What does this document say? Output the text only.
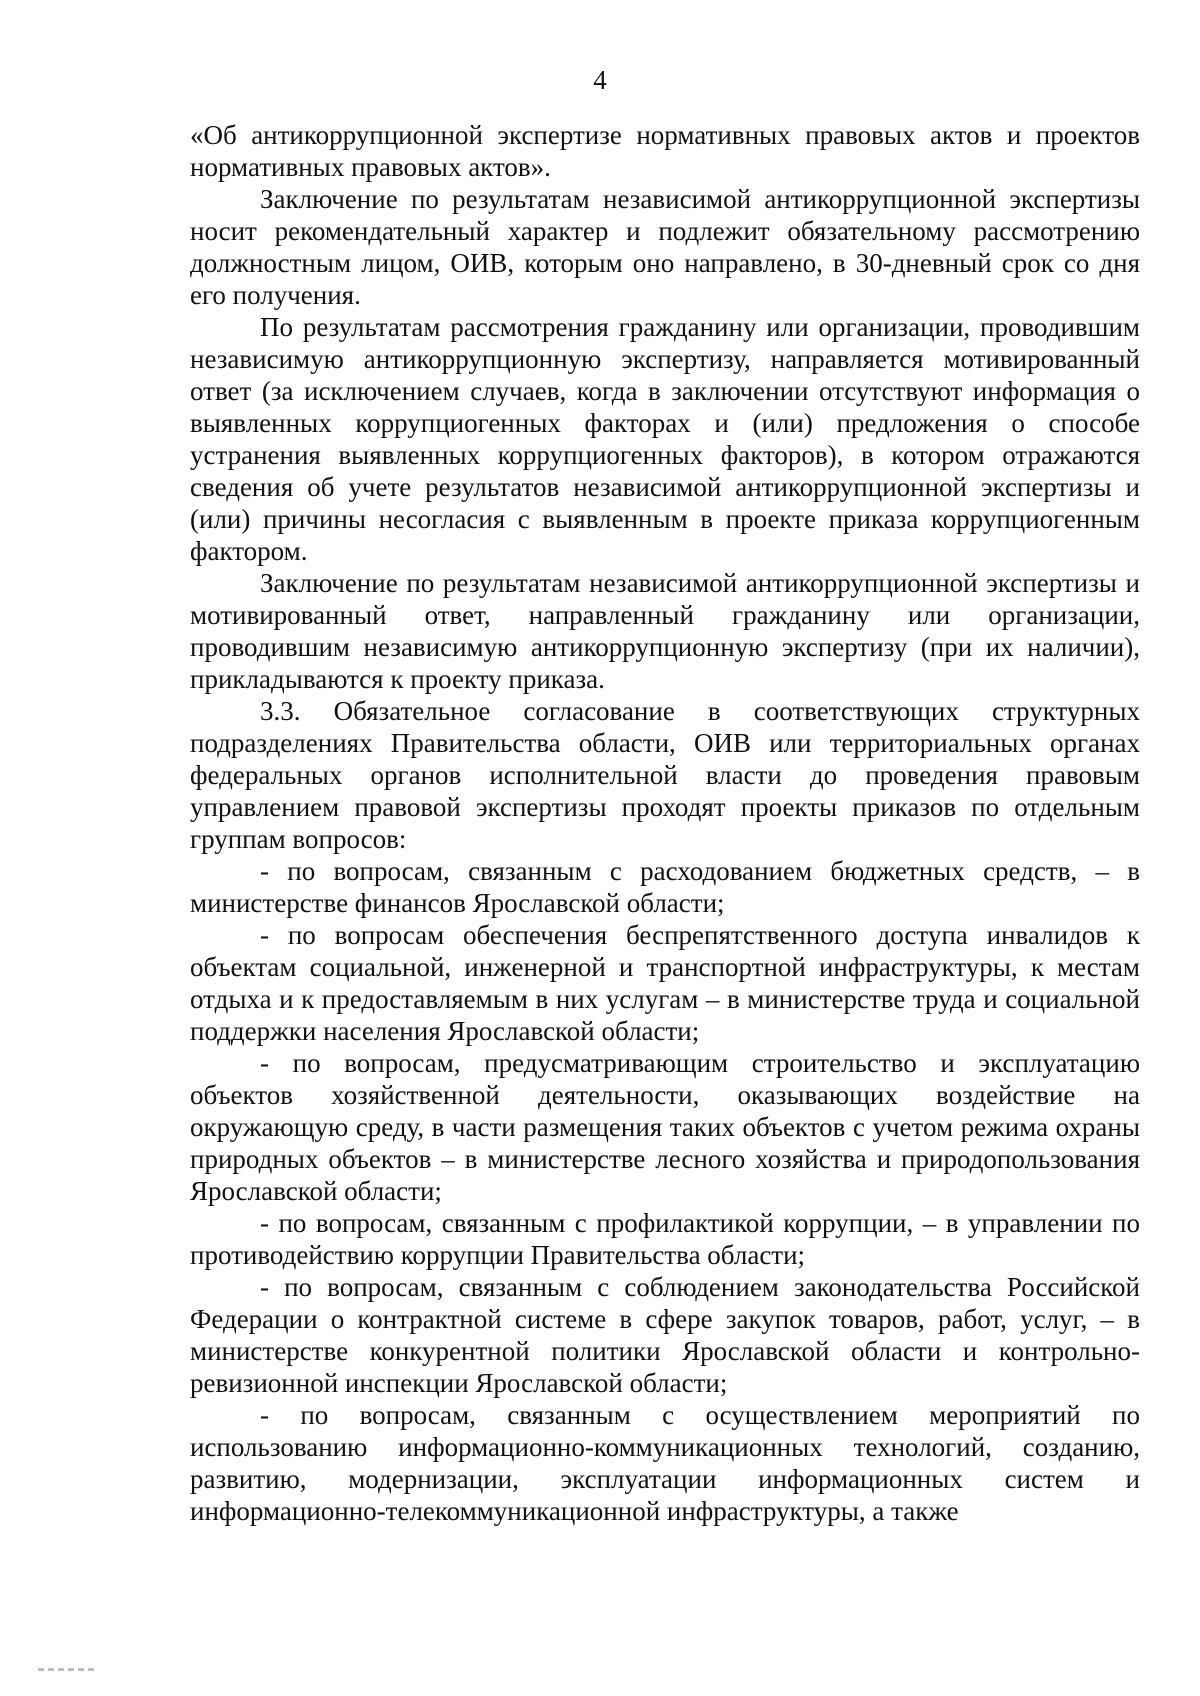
4

«Об антикоррупционной экспертизе нормативных правовых актов и проектов нормативных правовых актов».

Заключение по результатам независимой антикоррупционной экспертизы носит рекомендательный характер и подлежит обязательному рассмотрению должностным лицом, ОИВ, которым оно направлено, в 30-дневный срок со дня его получения.

По результатам рассмотрения гражданину или организации, проводившим независимую антикоррупционную экспертизу, направляется мотивированный ответ (за исключением случаев, когда в заключении отсутствуют информация о выявленных коррупциогенных факторах и (или) предложения о способе устранения выявленных коррупциогенных факторов), в котором отражаются сведения об учете результатов независимой антикоррупционной экспертизы и (или) причины несогласия с выявленным в проекте приказа коррупциогенным фактором.

Заключение по результатам независимой антикоррупционной экспертизы и мотивированный ответ, направленный гражданину или организации, проводившим независимую антикоррупционную экспертизу (при их наличии), прикладываются к проекту приказа.

3.3. Обязательное согласование в соответствующих структурных подразделениях Правительства области, ОИВ или территориальных органах федеральных органов исполнительной власти до проведения правовым управлением правовой экспертизы проходят проекты приказов по отдельным группам вопросов:

- по вопросам, связанным с расходованием бюджетных средств, – в министерстве финансов Ярославской области;

- по вопросам обеспечения беспрепятственного доступа инвалидов к объектам социальной, инженерной и транспортной инфраструктуры, к местам отдыха и к предоставляемым в них услугам – в министерстве труда и социальной поддержки населения Ярославской области;

- по вопросам, предусматривающим строительство и эксплуатацию объектов хозяйственной деятельности, оказывающих воздействие на окружающую среду, в части размещения таких объектов с учетом режима охраны природных объектов – в министерстве лесного хозяйства и природопользования Ярославской области;

- по вопросам, связанным с профилактикой коррупции, – в управлении по противодействию коррупции Правительства области;

- по вопросам, связанным с соблюдением законодательства Российской Федерации о контрактной системе в сфере закупок товаров, работ, услуг, – в министерстве конкурентной политики Ярославской области и контрольно-ревизионной инспекции Ярославской области;

- по вопросам, связанным с осуществлением мероприятий по использованию информационно-коммуникационных технологий, созданию, развитию, модернизации, эксплуатации информационных систем и информационно-телекоммуникационной инфраструктуры, а также
